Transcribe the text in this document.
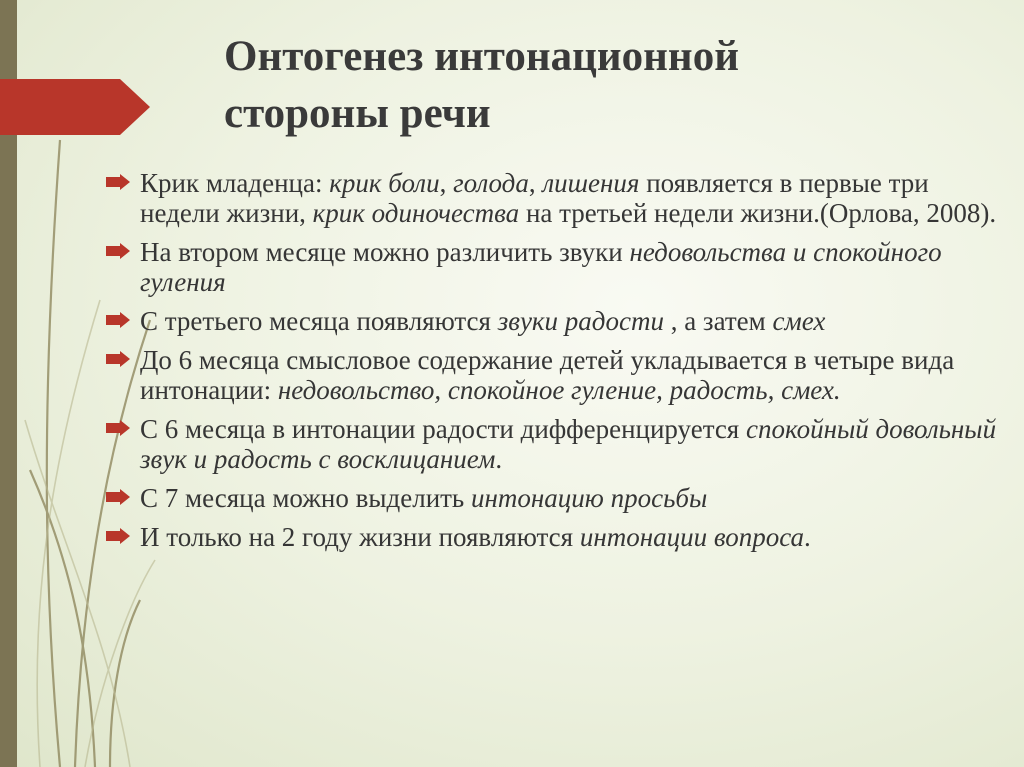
Онтогенез интонационной
стороны речи
Крик младенца: крик боли, голода, лишения появляется в первые три недели жизни, крик одиночества на третьей недели жизни.(Орлова, 2008).
На втором месяце можно различить звуки недовольства и спокойного гуления
С третьего месяца появляются звуки радости , а затем смех
До 6 месяца смысловое содержание детей укладывается в четыре вида интонации: недовольство, спокойное гуление, радость, смех.
С 6 месяца в интонации радости дифференцируется спокойный довольный звук и радость с восклицанием.
С 7 месяца можно выделить интонацию просьбы
И только на 2 году жизни появляются интонации вопроса.
